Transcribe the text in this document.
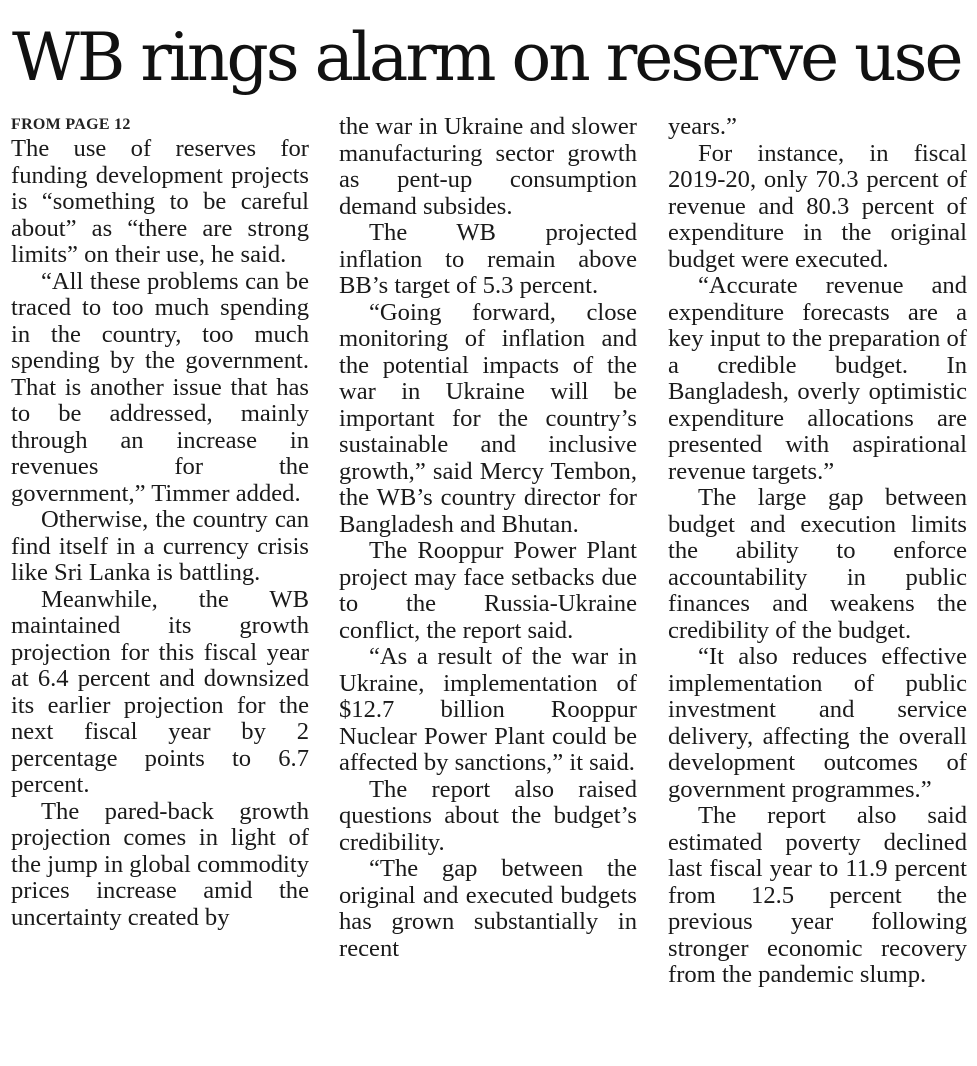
WB rings alarm on reserve use
FROM PAGE 12

The use of reserves for funding development projects is “something to be careful about” as “there are strong limits” on their use, he said.

“All these problems can be traced to too much spending in the country, too much spending by the government. That is another issue that has to be addressed, mainly through an increase in revenues for the government,” Timmer added.

Otherwise, the country can find itself in a currency crisis like Sri Lanka is battling.

Meanwhile, the WB maintained its growth projection for this fiscal year at 6.4 percent and downsized its earlier projection for the next fiscal year by 2 percentage points to 6.7 percent.

The pared-back growth projection comes in light of the jump in global commodity prices increase amid the uncertainty created by

the war in Ukraine and slower manufacturing sector growth as pent-up consumption demand subsides.

The WB projected inflation to remain above BB’s target of 5.3 percent.

“Going forward, close monitoring of inflation and the potential impacts of the war in Ukraine will be important for the country’s sustainable and inclusive growth,” said Mercy Tembon, the WB’s country director for Bangladesh and Bhutan.

The Rooppur Power Plant project may face setbacks due to the Russia-Ukraine conflict, the report said.

“As a result of the war in Ukraine, implementation of $12.7 billion Rooppur Nuclear Power Plant could be affected by sanctions,” it said.

The report also raised questions about the budget’s credibility.

“The gap between the original and executed budgets has grown substantially in recent

years.”

For instance, in fiscal 2019-20, only 70.3 percent of revenue and 80.3 percent of expenditure in the original budget were executed.

“Accurate revenue and expenditure forecasts are a key input to the preparation of a credible budget. In Bangladesh, overly optimistic expenditure allocations are presented with aspirational revenue targets.”

The large gap between budget and execution limits the ability to enforce accountability in public finances and weakens the credibility of the budget.

“It also reduces effective implementation of public investment and service delivery, affecting the overall development outcomes of government programmes.”

The report also said estimated poverty declined last fiscal year to 11.9 percent from 12.5 percent the previous year following stronger economic recovery from the pandemic slump.
